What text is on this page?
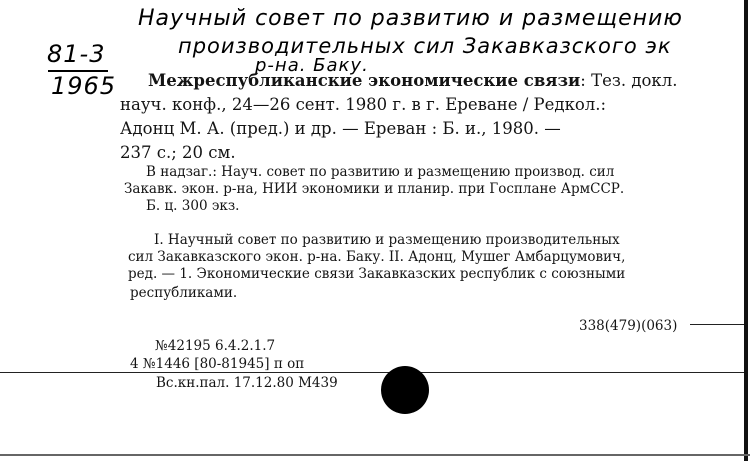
Научный совет по развитию и размещению
производительных сил Закавказского эк
р-на. Баку.
81-3
1965 Межреспубликанские экономические связи: Тез. докл.
науч. конф., 24—26 сент. 1980 г. в г. Ереване / Редкол.:
Адонц М. А. (пред.) и др. — Ереван : Б. и., 1980. —
237 с.; 20 см.
В надзаг.: Науч. совет по развитию и размещению производ. сил
Закавк. экон. р-на, НИИ экономики и планир. при Госплане АрмССР.
Б. ц. 300 экз.
I. Научный совет по развитию и размещению производительных
сил Закавказского экон. р-на. Баку. II. Адонц, Мушег Амбарцумович,
ред. — 1. Экономические связи Закавказских республик с союзными
республиками.
338(479)(063)
№42195 6.4.2.1.7
4 №1446 [80-81945] п оп
Вс.кн.пал. 17.12.80 М439
